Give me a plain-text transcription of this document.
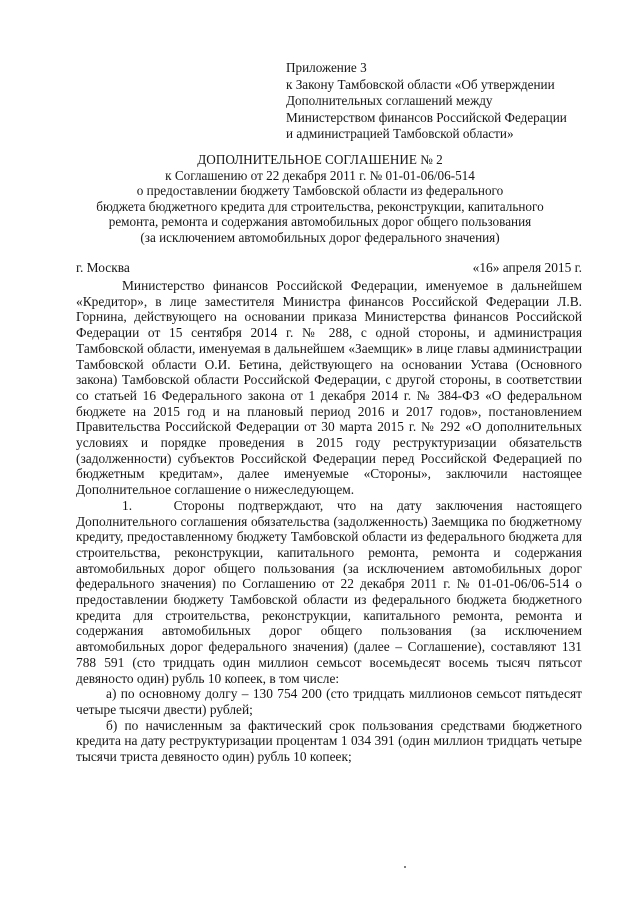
Приложение 3
к Закону Тамбовской области «Об утверждении
Дополнительных соглашений между
Министерством финансов Российской Федерации
и администрацией Тамбовской области»
ДОПОЛНИТЕЛЬНОЕ СОГЛАШЕНИЕ № 2
к Соглашению от 22 декабря 2011 г. № 01-01-06/06-514
о предоставлении бюджету Тамбовской области из федерального
бюджета бюджетного кредита для строительства, реконструкции, капитального
ремонта, ремонта и содержания автомобильных дорог общего пользования
(за исключением автомобильных дорог федерального значения)
г. Москва	«16» апреля 2015 г.

Министерство финансов Российской Федерации, именуемое в дальнейшем «Кредитор», в лице заместителя Министра финансов Российской Федерации Л.В. Горнина, действующего на основании приказа Министерства финансов Российской Федерации от 15 сентября 2014 г. № 288, с одной стороны, и администрация Тамбовской области, именуемая в дальнейшем «Заемщик» в лице главы администрации Тамбовской области О.И. Бетина, действующего на основании Устава (Основного закона) Тамбовской области Российской Федерации, с другой стороны, в соответствии со статьей 16 Федерального закона от 1 декабря 2014 г. № 384-ФЗ «О федеральном бюджете на 2015 год и на плановый период 2016 и 2017 годов», постановлением Правительства Российской Федерации от 30 марта 2015 г. № 292 «О дополнительных условиях и порядке проведения в 2015 году реструктуризации обязательств (задолженности) субъектов Российской Федерации перед Российской Федерацией по бюджетным кредитам», далее именуемые «Стороны», заключили настоящее Дополнительное соглашение о нижеследующем.

1.   Стороны подтверждают, что на дату заключения настоящего Дополнительного соглашения обязательства (задолженность) Заемщика по бюджетному кредиту, предоставленному бюджету Тамбовской области из федерального бюджета для строительства, реконструкции, капитального ремонта, ремонта и содержания автомобильных дорог общего пользования (за исключением автомобильных дорог федерального значения) по Соглашению от 22 декабря 2011 г. № 01-01-06/06-514 о предоставлении бюджету Тамбовской области из федерального бюджета бюджетного кредита для строительства, реконструкции, капитального ремонта, ремонта и содержания автомобильных дорог общего пользования (за исключением автомобильных дорог федерального значения) (далее – Соглашение), составляют 131 788 591 (сто тридцать один миллион семьсот восемьдесят восемь тысяч пятьсот девяносто один) рубль 10 копеек, в том числе:

а) по основному долгу – 130 754 200 (сто тридцать миллионов семьсот пятьдесят четыре тысячи двести) рублей;

б) по начисленным за фактический срок пользования средствами бюджетного кредита на дату реструктуризации процентам 1 034 391 (один миллион тридцать четыре тысячи триста девяносто один) рубль 10 копеек;
